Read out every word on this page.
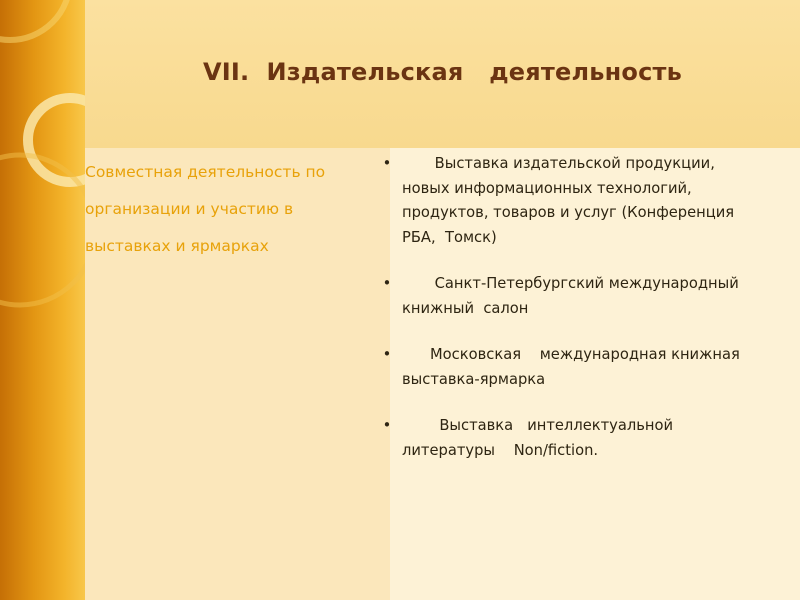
VII.  Издательская   деятельность
Совместная деятельность по
организации и участию в
выставках и ярмарках
• Выставка издательской продукции,
новых информационных технологий,
продуктов, товаров и услуг (Конференция
РБА,  Томск)
• Санкт-Петербургский международный
книжный  салон
• Московская    международная книжная
выставка-ярмарка
• Выставка   интеллектуальной
литературы    Non/fiction.
